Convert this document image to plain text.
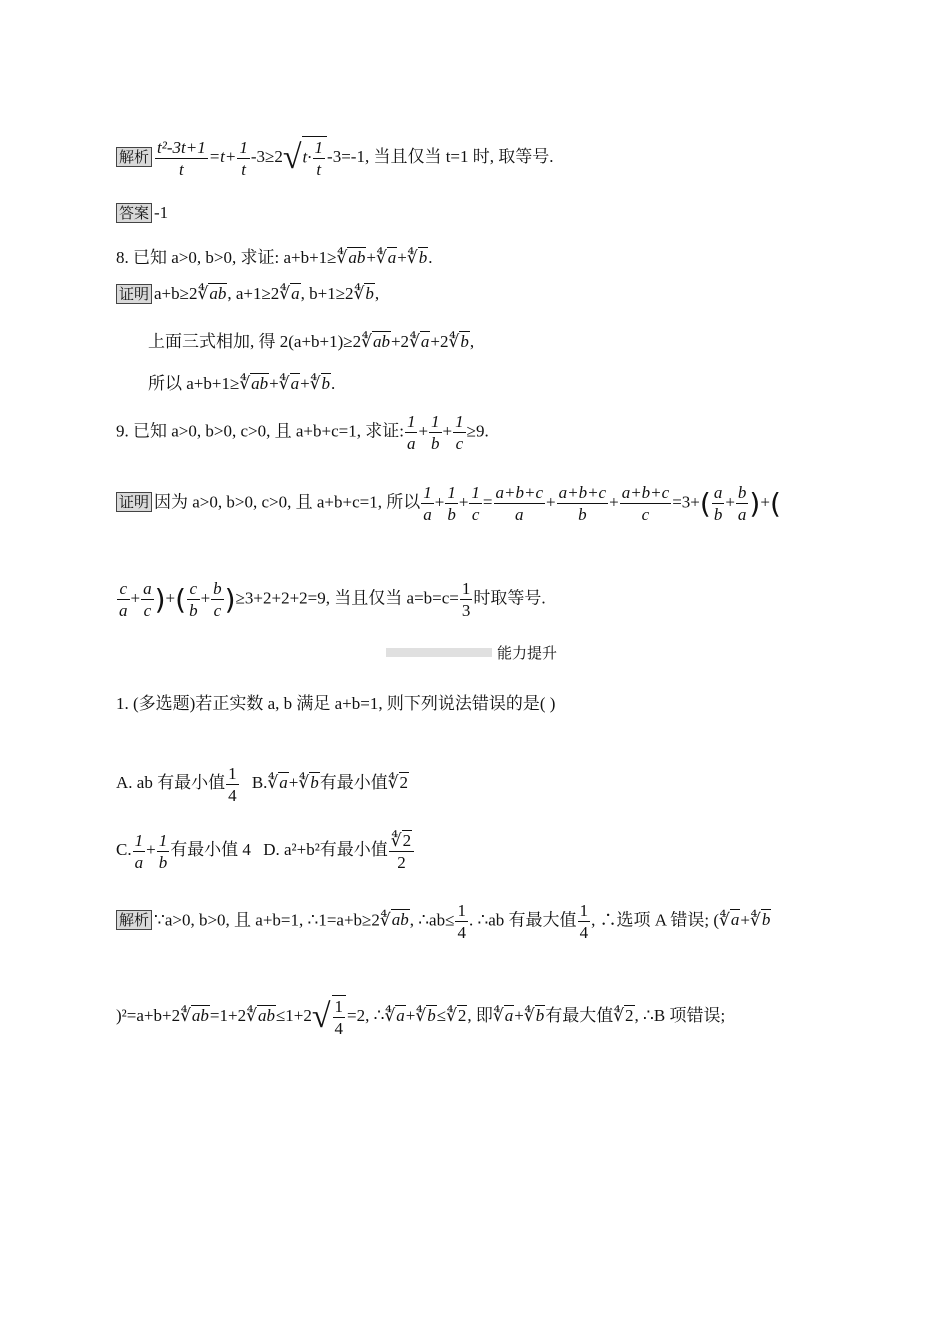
解析 $\frac{\text{t²-3t+1}}{t} =t+ \frac{1}{t} -3\ge 2√t\cdot \frac{1}{t} -3=-1$, 当且仅当 t=1 时, 取等号.
答案 -1
8. 已知 a>0, b>0, 求证: a+b+1≥∜ab+∜a+∜b.
证明 a+b≥2∜ab, a+1≥2∜a, b+1≥2∜b,
上面三式相加, 得 2(a+b+1)≥2∜ab+2∜a+2∜b,
所以 a+b+1≥∜ab+∜a+∜b.
9. 已知 a>0, b>0, c>0, 且 a+b+c=1, 求证: $\frac{1}{a} + \frac{1}{b} + \frac{1}{c} \ge 9$.
证明 因为 a>0, b>0, c>0, 且 a+b+c=1, 所以 $\frac{1}{a} + \frac{1}{b} + \frac{1}{c} = \frac{a+b+c}{a} + \frac{a+b+c}{b} + \frac{a+b+c}{c} =3+( \frac{a}{b} + \frac{b}{a}$ )+(
$\frac{c}{a} + \frac{a}{c}$ )+( $\frac{c}{b} + \frac{b}{c} )\ge 3+2+2+2=9$, 当且仅当 $a=b=c= \frac{1}{3}$ 时取等号.
能力提升
1. (多选题)若正实数 a, b 满足 a+b=1, 则下列说法错误的是( )
A. ab 有最小值 $\frac{1}{4}$ B.∜a+∜b有最小值∜2
C. $\frac{1}{a} + \frac{1}{b}$ 有最小值 4 D. a²+b²有最小值 $\frac{∜2}{2}$
解析 ∵a>0, b>0, 且 a+b=1, ∴1=a+b≥2∜ab, ∴ab≤ $\frac{1}{4}$ . ∴ab 有最大值 $\frac{1}{4}$ , ∴选项 A 错误; (∜a+∜b
)²=a+b+2∜ab=1+2∜ab≤1+2√ $\frac{1}{4} =2$, ∴∜a+∜b≤∜2, 即∜a+∜b有最大值∜2, ∴B 项错误;
